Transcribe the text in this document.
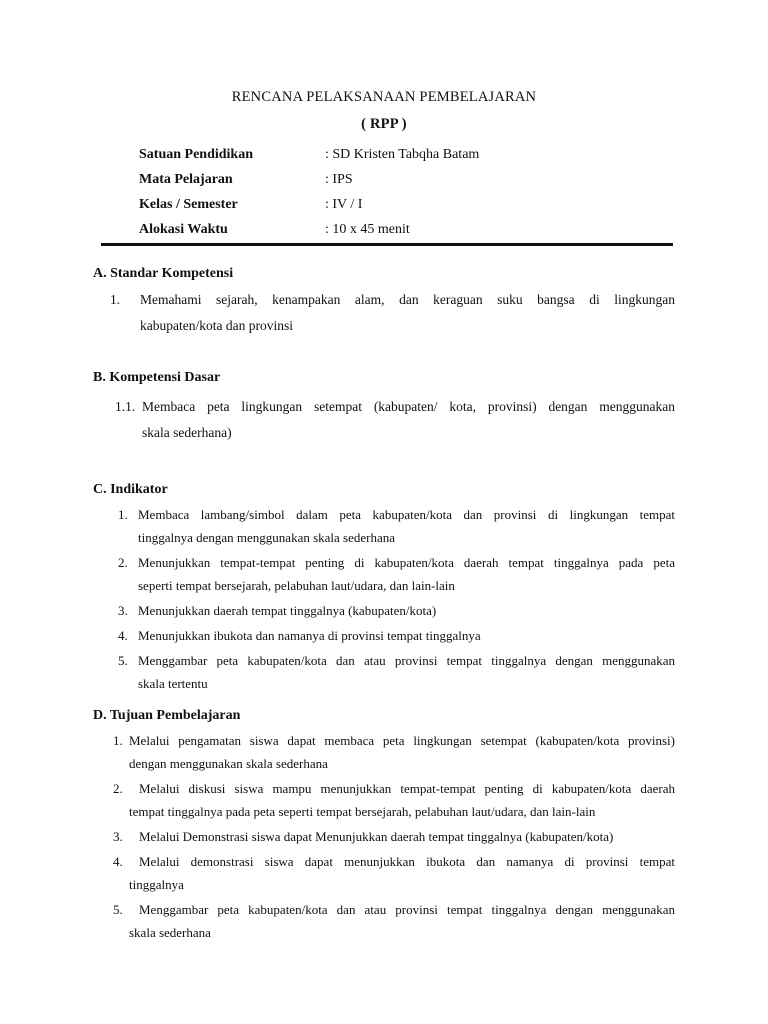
RENCANA PELAKSANAAN PEMBELAJARAN
( RPP )
Satuan Pendidikan	: SD Kristen Tabqha Batam
Mata Pelajaran	: IPS
Kelas / Semester	: IV / I
Alokasi Waktu	: 10 x 45 menit
A. Standar Kompetensi
1. Memahami sejarah, kenampakan alam, dan keraguan suku bangsa di lingkungan
kabupaten/kota dan provinsi
B. Kompetensi Dasar
1.1. Membaca peta lingkungan setempat (kabupaten/ kota, provinsi) dengan menggunakan
skala sederhana)
C. Indikator
1. Membaca lambang/simbol dalam peta kabupaten/kota dan provinsi di lingkungan tempat
tinggalnya dengan menggunakan skala sederhana
2. Menunjukkan tempat-tempat penting di kabupaten/kota daerah tempat tinggalnya pada peta
seperti tempat bersejarah, pelabuhan laut/udara, dan lain-lain
3. Menunjukkan daerah tempat tinggalnya (kabupaten/kota)
4. Menunjukkan ibukota dan namanya di provinsi tempat tinggalnya
5. Menggambar peta kabupaten/kota dan atau provinsi tempat tinggalnya dengan menggunakan
skala tertentu
D. Tujuan Pembelajaran
1. Melalui pengamatan siswa dapat membaca peta lingkungan setempat (kabupaten/kota provinsi)
dengan menggunakan skala sederhana
2.	Melalui diskusi siswa mampu menunjukkan tempat-tempat penting di kabupaten/kota daerah
tempat tinggalnya pada peta seperti tempat bersejarah, pelabuhan laut/udara, dan lain-lain
3.	Melalui Demonstrasi siswa dapat Menunjukkan daerah tempat tinggalnya (kabupaten/kota)
4.	Melalui demonstrasi siswa dapat menunjukkan ibukota dan namanya di provinsi tempat
tinggalnya
5.	Menggambar peta kabupaten/kota dan atau provinsi tempat tinggalnya dengan menggunakan
skala sederhana
